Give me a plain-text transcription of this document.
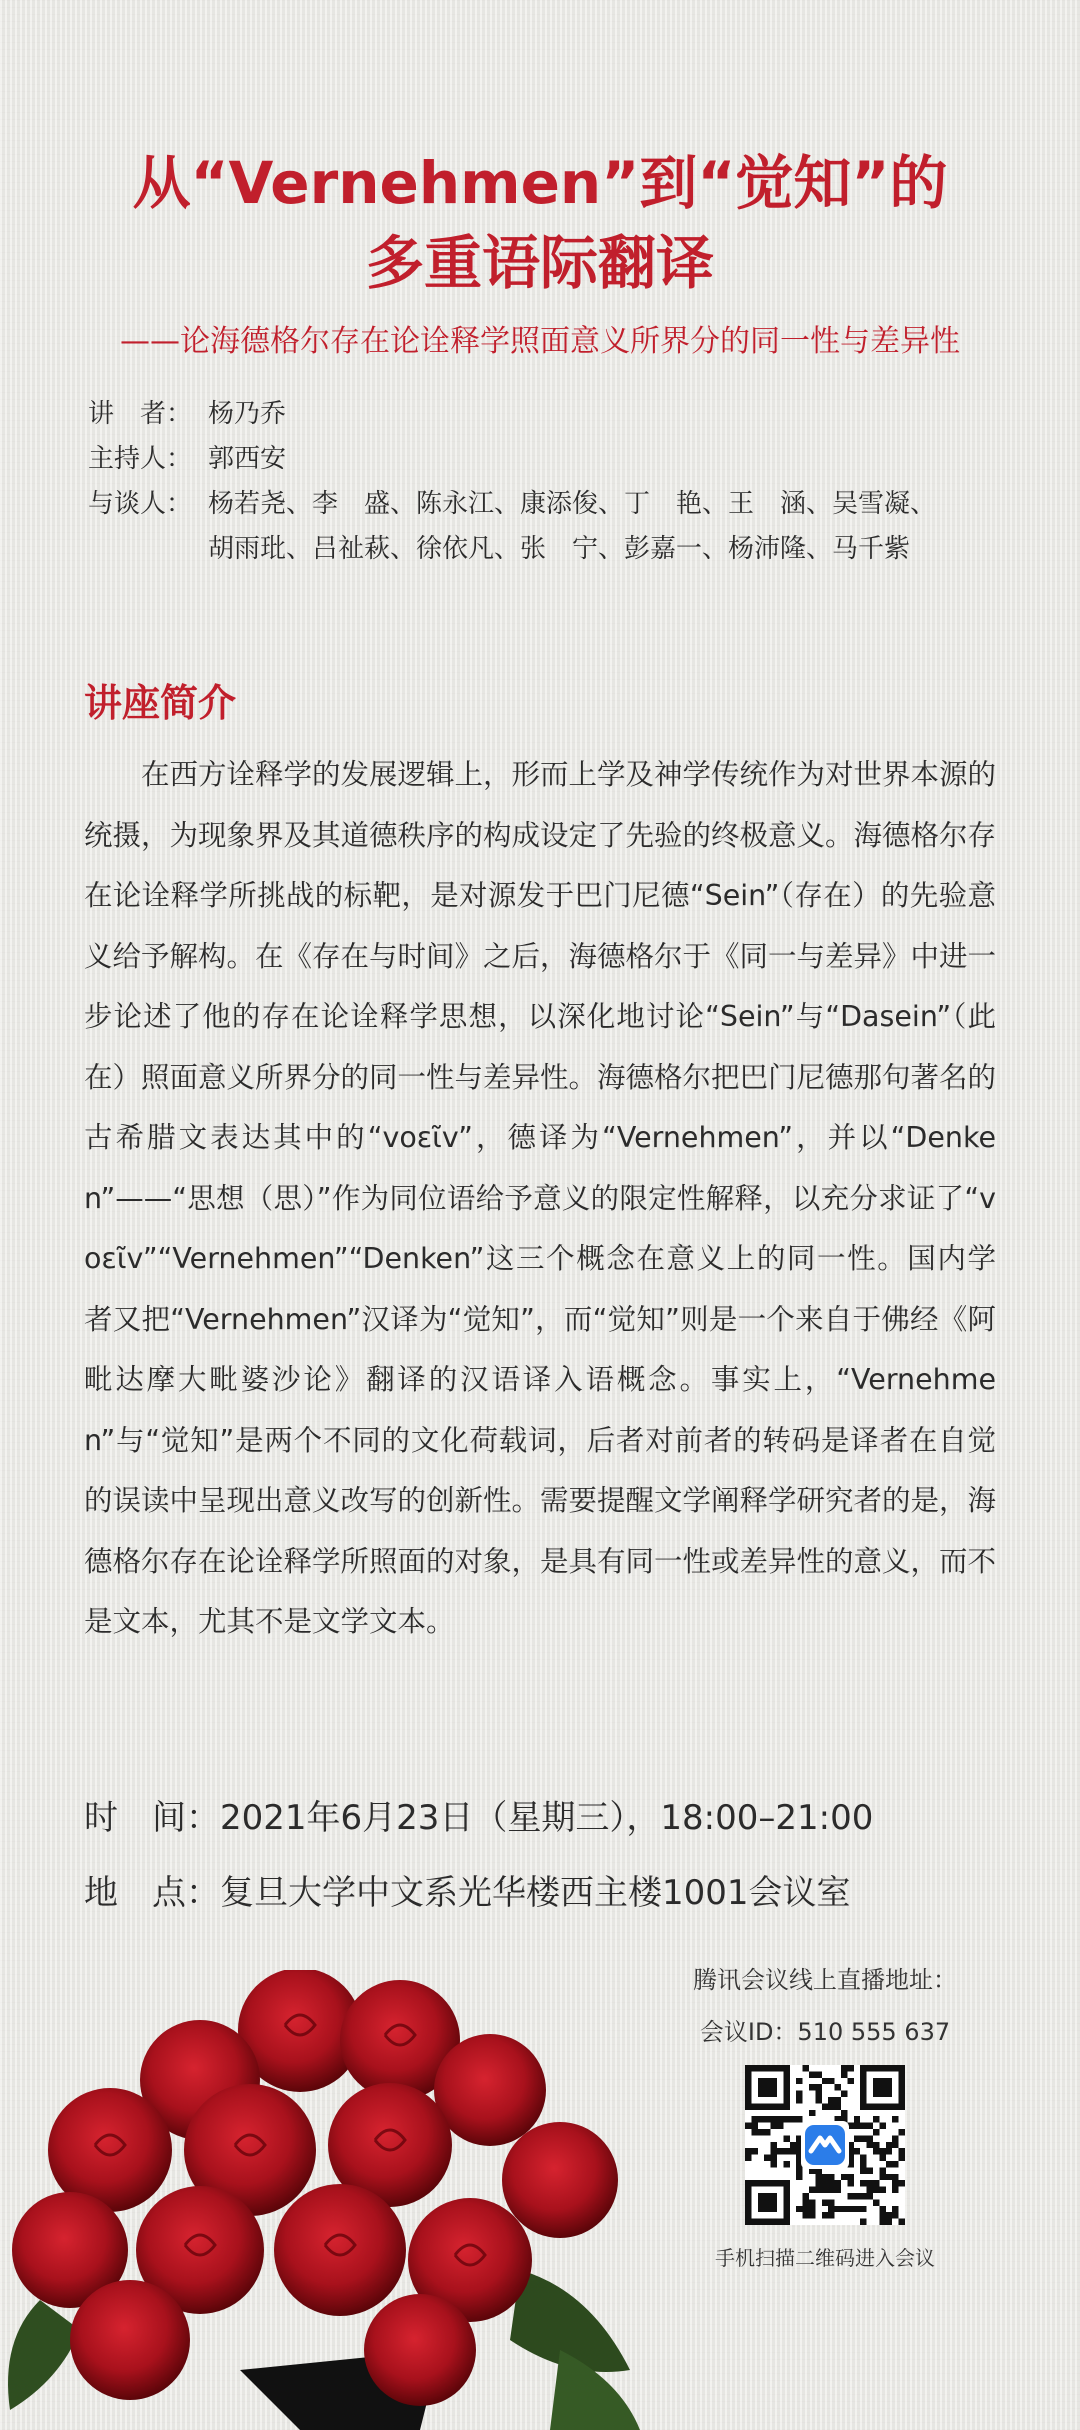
从“Vernehmen”到“觉知”的
多重语际翻译
——论海德格尔存在论诠释学照面意义所界分的同一性与差异性
讲　者： 杨乃乔
主持人： 郭西安
与谈人： 杨若尧、李　盛、陈永江、康添俊、丁　艳、王　涵、吴雪凝、
胡雨玭、吕祉萩、徐依凡、张　宁、彭嘉一、杨沛隆、马千紫
讲座简介
在西方诠释学的发展逻辑上，形而上学及神学传统作为对世界本源的统摄，为现象界及其道德秩序的构成设定了先验的终极意义。海德格尔存在论诠释学所挑战的标靶，是对源发于巴门尼德“Sein”（存在）的先验意义给予解构。在《存在与时间》之后，海德格尔于《同一与差异》中进一步论述了他的存在论诠释学思想，以深化地讨论“Sein”与“Dasein”（此在）照面意义所界分的同一性与差异性。海德格尔把巴门尼德那句著名的古希腊文表达其中的“voεῖv”，德译为“Vernehmen”，并以“Denken”——“思想（思）”作为同位语给予意义的限定性解释，以充分求证了“voεῖv”“Vernehmen”“Denken”这三个概念在意义上的同一性。国内学者又把“Vernehmen”汉译为“觉知”，而“觉知”则是一个来自于佛经《阿毗达摩大毗婆沙论》翻译的汉语译入语概念。事实上，“Vernehmen”与“觉知”是两个不同的文化荷载词，后者对前者的转码是译者在自觉的误读中呈现出意义改写的创新性。需要提醒文学阐释学研究者的是，海德格尔存在论诠释学所照面的对象，是具有同一性或差异性的意义，而不是文本，尤其不是文学文本。
时　间：2021年6月23日（星期三），18:00–21:00
地　点：复旦大学中文系光华楼西主楼1001会议室
腾讯会议线上直播地址：
会议ID：510 555 637
手机扫描二维码进入会议
